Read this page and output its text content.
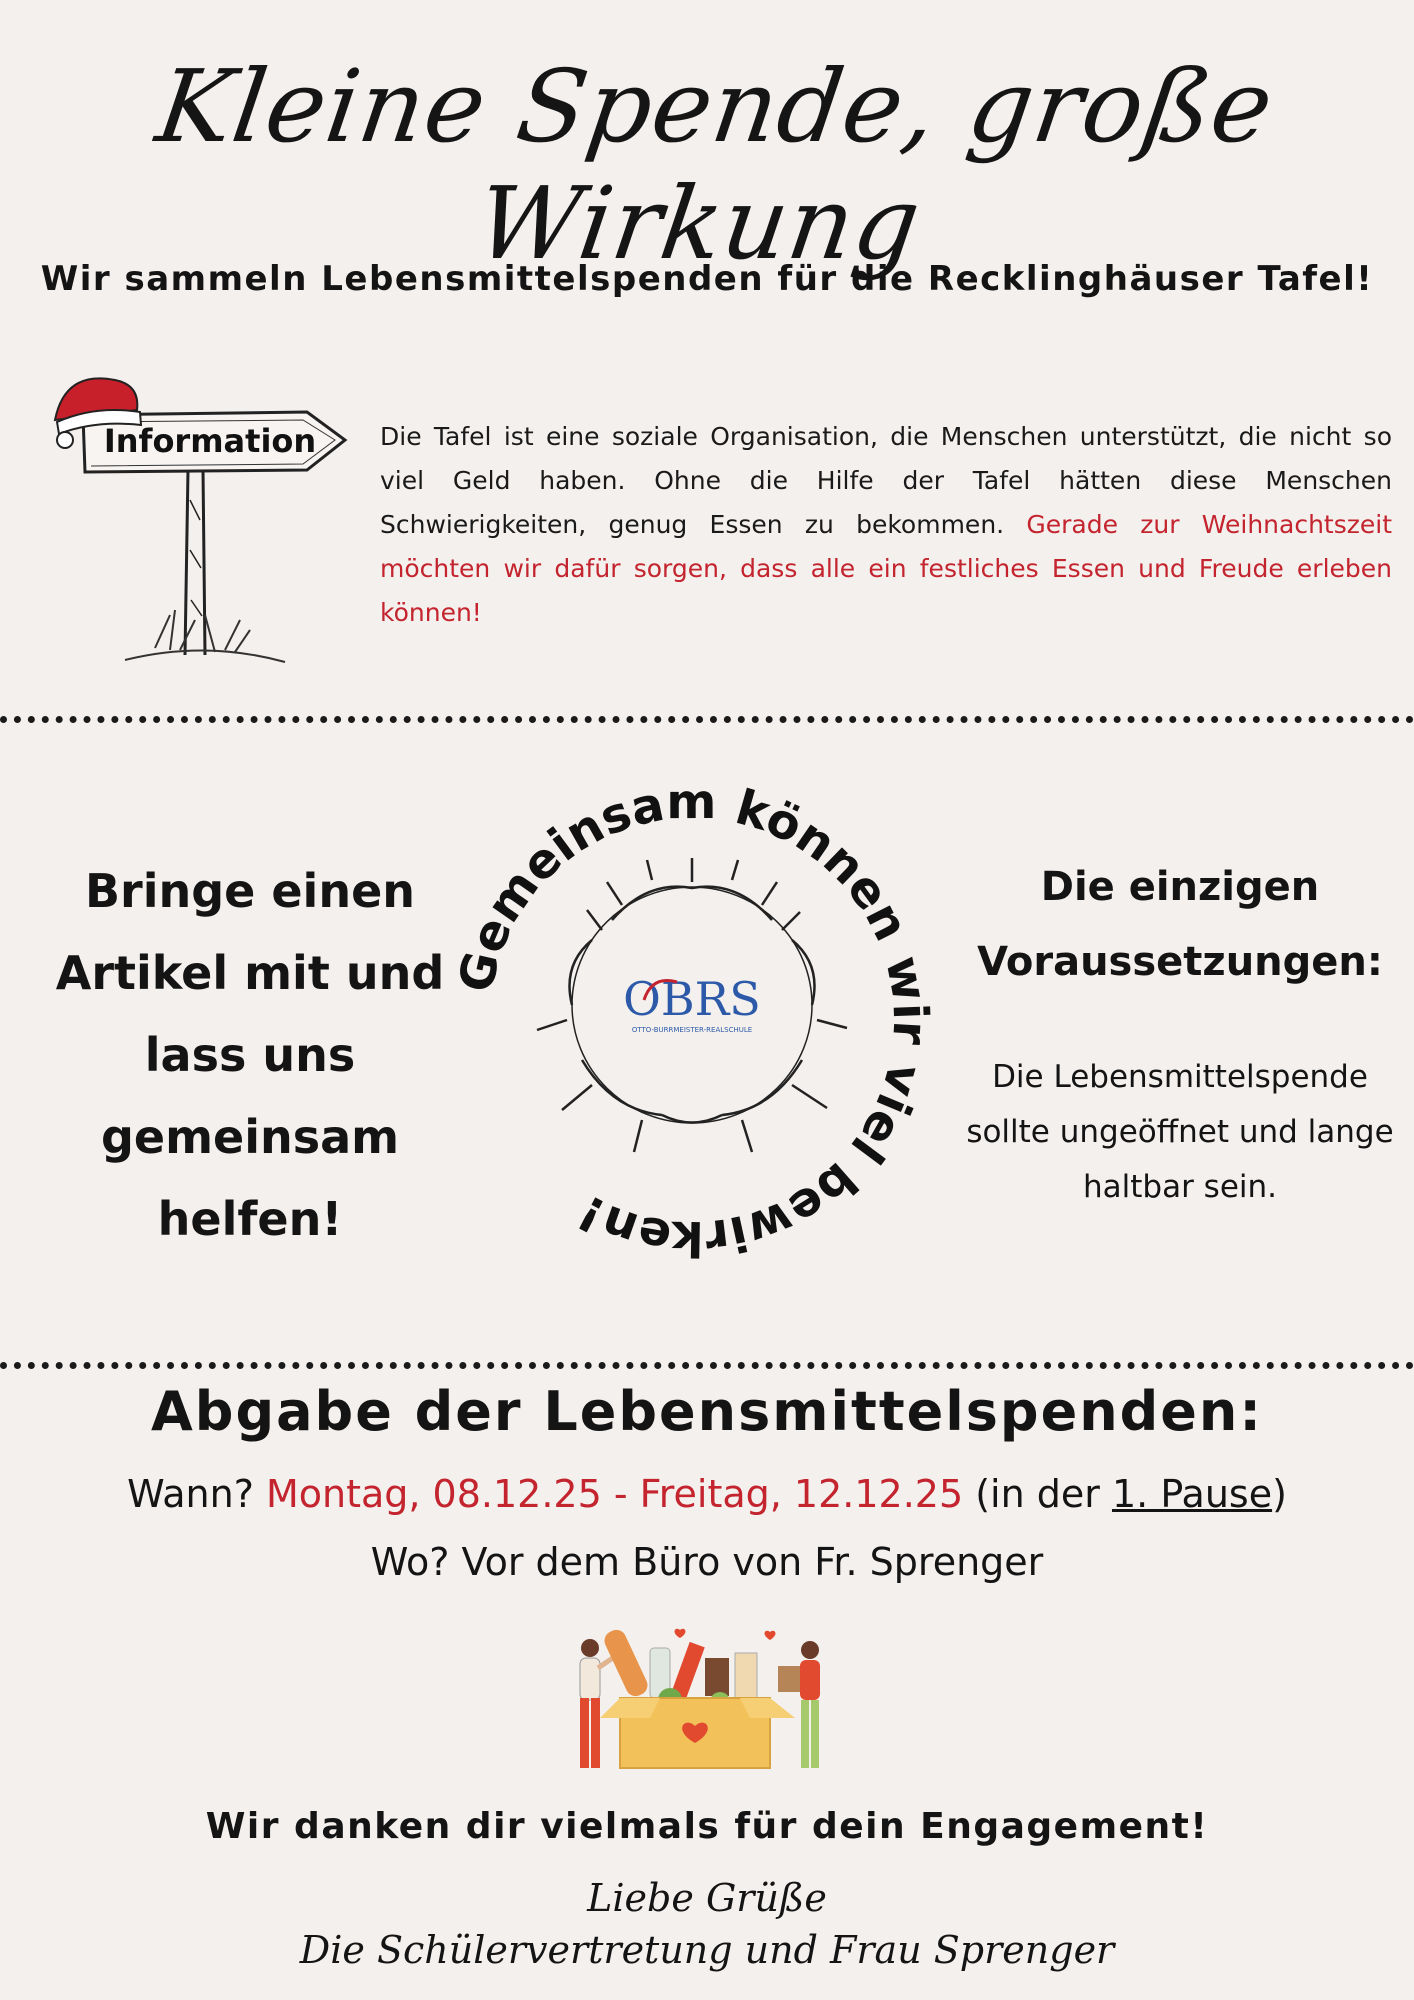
Kleine Spende, große Wirkung
Wir sammeln Lebensmittelspenden für die Recklinghäuser Tafel!
Information	Die Tafel ist eine soziale Organisation, die Menschen unterstützt, die nicht so viel Geld haben. Ohne die Hilfe der Tafel hätten diese Menschen Schwierigkeiten, genug Essen zu bekommen. Gerade zur Weihnachtszeit möchten wir dafür sorgen, dass alle ein festliches Essen und Freude erleben können!
Bringe einen Artikel mit und lass uns gemeinsam helfen!
Gemeinsam können wir viel bewirken!
OBRS
OTTO-BURRMEISTER-REALSCHULE
Die einzigen Voraussetzungen:
Die Lebensmittelspende sollte ungeöffnet und lange haltbar sein.
Abgabe der Lebensmittelspenden:
Wann? Montag, 08.12.25 - Freitag, 12.12.25 (in der 1. Pause)
Wo? Vor dem Büro von Fr. Sprenger
Wir danken dir vielmals für dein Engagement!
Liebe Grüße
Die Schülervertretung und Frau Sprenger
